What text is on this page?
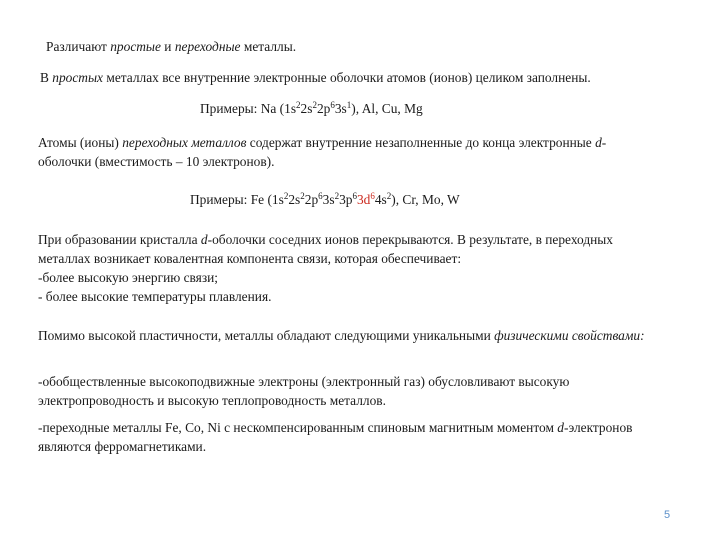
Различают простые и переходные металлы.

В простых металлах все внутренние электронные оболочки атомов (ионов) целиком заполнены.

Примеры: Na $(1s^22s^22p^63s^1)$, Al, Cu, Mg

Атомы (ионы) переходных металлов содержат внутренние незаполненные до конца электронные d-оболочки (вместимость – 10 электронов).

Примеры: Fe $(1s^22s^22p^63s^23p^63d^64s^2)$, Cr, Mo, W

При образовании кристалла d-оболочки соседних ионов перекрываются. В результате, в переходных металлах возникает ковалентная компонента связи, которая обеспечивает:
-более высокую энергию связи;
- более высокие температуры плавления.

Помимо высокой пластичности, металлы обладают следующими уникальными физическими свойствами:

-обобществленные высокоподвижные электроны (электронный газ) обусловливают высокую электропроводность и высокую теплопроводность металлов.

-переходные металлы Fe, Co, Ni с нескомпенсированным спиновым магнитным моментом d-электронов являются ферромагнетиками.

5
